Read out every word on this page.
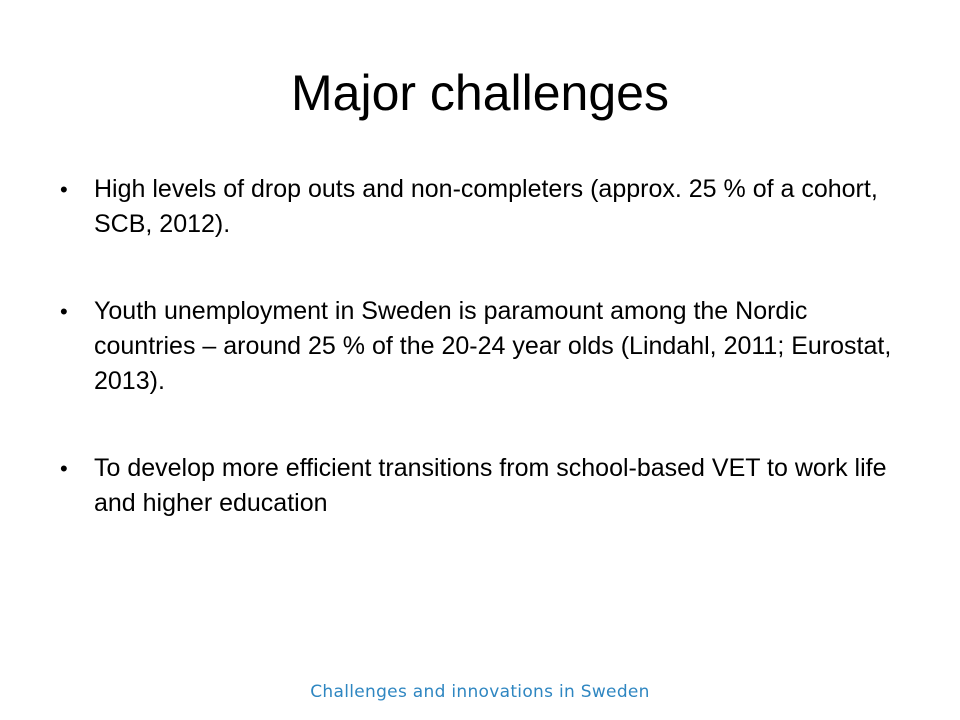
Major challenges
•	High levels of drop outs and non-completers (approx. 25 % of a cohort, SCB, 2012).
•	Youth unemployment in Sweden is paramount among the Nordic countries – around 25 % of the 20-24 year olds (Lindahl, 2011; Eurostat, 2013).
•	To develop more efficient transitions from school-based VET to work life and higher education
Challenges and innovations in Sweden
